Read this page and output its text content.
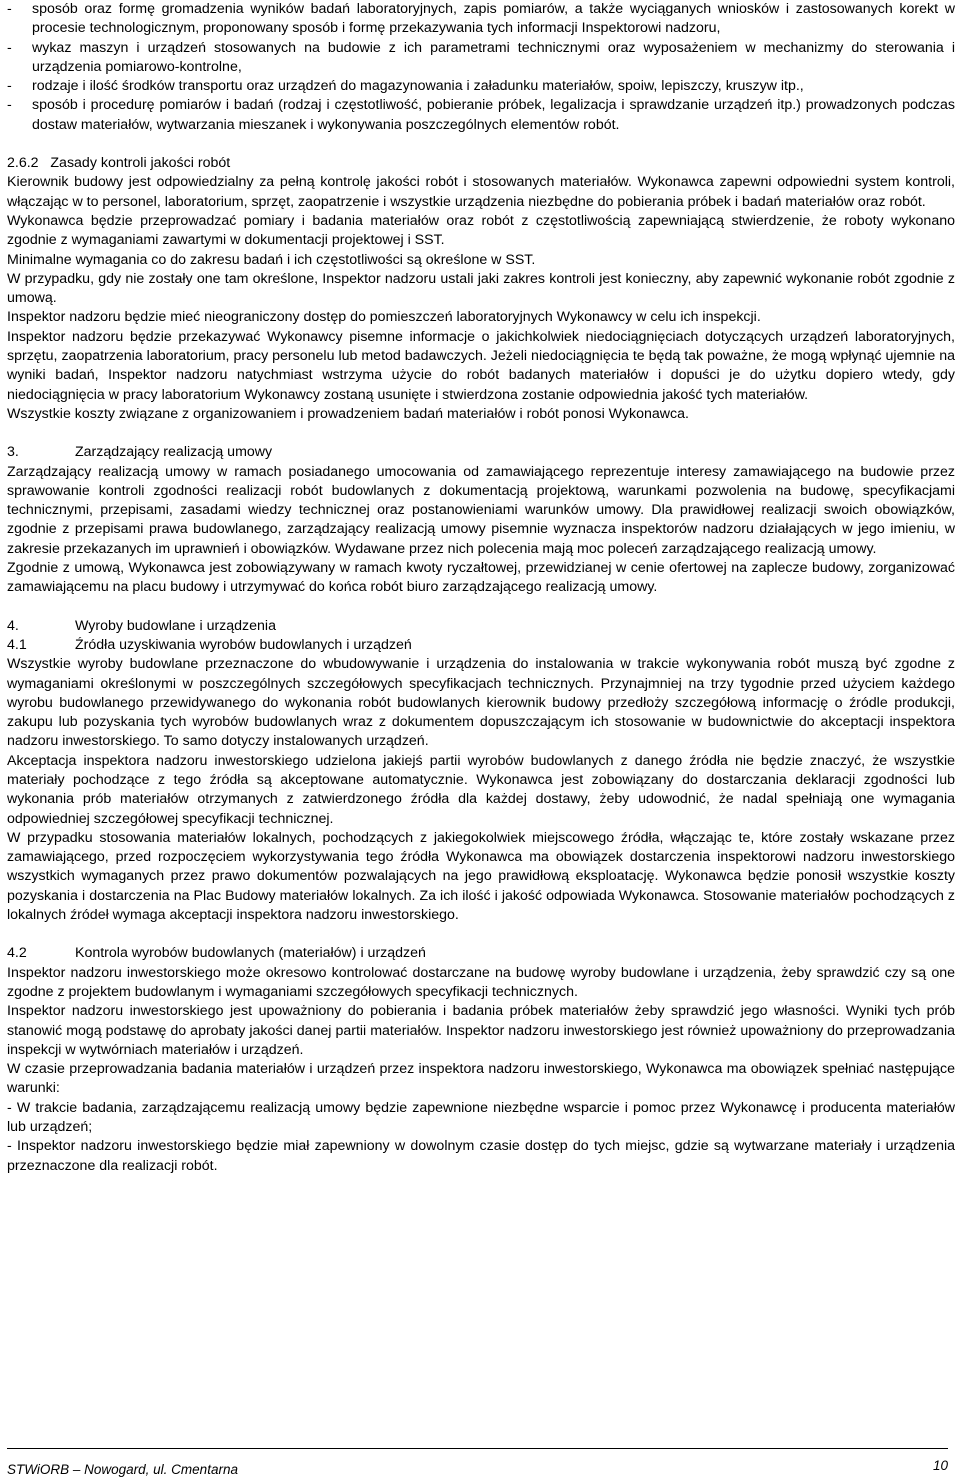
-	sposób oraz formę gromadzenia wyników badań laboratoryjnych, zapis pomiarów, a także wyciąganych wniosków i zastosowanych korekt w procesie technologicznym, proponowany sposób i formę przekazywania tych informacji Inspektorowi nadzoru,
-	wykaz maszyn i urządzeń stosowanych na budowie z ich parametrami technicznymi oraz wyposażeniem w mechanizmy do sterowania i urządzenia pomiarowo-kontrolne,
-	rodzaje i ilość środków transportu oraz urządzeń do magazynowania i załadunku materiałów, spoiw, lepiszczy, kruszyw itp.,
-	sposób i procedurę pomiarów i badań (rodzaj i częstotliwość, pobieranie próbek, legalizacja i sprawdzanie urządzeń itp.) prowadzonych podczas dostaw materiałów, wytwarzania mieszanek i wykonywania poszczególnych elementów robót.
2.6.2 Zasady kontroli jakości robót

Kierownik budowy jest odpowiedzialny za pełną kontrolę jakości robót i stosowanych materiałów. Wykonawca zapewni odpowiedni system kontroli, włączając w to personel, laboratorium, sprzęt, zaopatrzenie i wszystkie urządzenia niezbędne do pobierania próbek i badań materiałów oraz robót.

Wykonawca będzie przeprowadzać pomiary i badania materiałów oraz robót z częstotliwością zapewniającą stwierdzenie, że roboty wykonano zgodnie z wymaganiami zawartymi w dokumentacji projektowej i SST.

Minimalne wymagania co do zakresu badań i ich częstotliwości są określone w SST.

W przypadku, gdy nie zostały one tam określone, Inspektor nadzoru ustali jaki zakres kontroli jest konieczny, aby zapewnić wykonanie robót zgodnie z umową.

Inspektor nadzoru będzie mieć nieograniczony dostęp do pomieszczeń laboratoryjnych Wykonawcy w celu ich inspekcji.

Inspektor nadzoru będzie przekazywać Wykonawcy pisemne informacje o jakichkolwiek niedociągnięciach dotyczących urządzeń laboratoryjnych, sprzętu, zaopatrzenia laboratorium, pracy personelu lub metod badawczych. Jeżeli niedociągnięcia te będą tak poważne, że mogą wpłynąć ujemnie na wyniki badań, Inspektor nadzoru natychmiast wstrzyma użycie do robót badanych materiałów i dopuści je do użytku dopiero wtedy, gdy niedociągnięcia w pracy laboratorium Wykonawcy zostaną usunięte i stwierdzona zostanie odpowiednia jakość tych materiałów.

Wszystkie koszty związane z organizowaniem i prowadzeniem badań materiałów i robót ponosi Wykonawca.

3.	Zarządzający realizacją umowy

Zarządzający realizacją umowy w ramach posiadanego umocowania od zamawiającego reprezentuje interesy zamawiającego na budowie przez sprawowanie kontroli zgodności realizacji robót budowlanych z dokumentacją projektową, warunkami pozwolenia na budowę, specyfikacjami technicznymi, przepisami, zasadami wiedzy technicznej oraz postanowieniami warunków umowy. Dla prawidłowej realizacji swoich obowiązków, zgodnie z przepisami prawa budowlanego, zarządzający realizacją umowy pisemnie wyznacza inspektorów nadzoru działających w jego imieniu, w zakresie przekazanych im uprawnień i obowiązków. Wydawane przez nich polecenia mają moc poleceń zarządzającego realizacją umowy.

Zgodnie z umową, Wykonawca jest zobowiązywany w ramach kwoty ryczałtowej, przewidzianej w cenie ofertowej na zaplecze budowy, zorganizować zamawiającemu na placu budowy i utrzymywać do końca robót biuro zarządzającego realizacją umowy.

4.	Wyroby budowlane i urządzenia
4.1	Źródła uzyskiwania wyrobów budowlanych i urządzeń

Wszystkie wyroby budowlane przeznaczone do wbudowywanie i urządzenia do instalowania w trakcie wykonywania robót muszą być zgodne z wymaganiami określonymi w poszczególnych szczegółowych specyfikacjach technicznych. Przynajmniej na trzy tygodnie przed użyciem każdego wyrobu budowlanego przewidywanego do wykonania robót budowlanych kierownik budowy przedłoży szczegółową informację o źródle produkcji, zakupu lub pozyskania tych wyrobów budowlanych wraz z dokumentem dopuszczającym ich stosowanie w budownictwie do akceptacji inspektora nadzoru inwestorskiego. To samo dotyczy instalowanych urządzeń.

Akceptacja inspektora nadzoru inwestorskiego udzielona jakiejś partii wyrobów budowlanych z danego źródła nie będzie znaczyć, że wszystkie materiały pochodzące z tego źródła są akceptowane automatycznie. Wykonawca jest zobowiązany do dostarczania deklaracji zgodności lub wykonania prób materiałów otrzymanych z zatwierdzonego źródła dla każdej dostawy, żeby udowodnić, że nadal spełniają one wymagania odpowiedniej szczegółowej specyfikacji technicznej.

W przypadku stosowania materiałów lokalnych, pochodzących z jakiegokolwiek miejscowego źródła, włączając te, które zostały wskazane przez zamawiającego, przed rozpoczęciem wykorzystywania tego źródła Wykonawca ma obowiązek dostarczenia inspektorowi nadzoru inwestorskiego wszystkich wymaganych przez prawo dokumentów pozwalających na jego prawidłową eksploatację. Wykonawca będzie ponosił wszystkie koszty pozyskania i dostarczenia na Plac Budowy materiałów lokalnych. Za ich ilość i jakość odpowiada Wykonawca. Stosowanie materiałów pochodzących z lokalnych źródeł wymaga akceptacji inspektora nadzoru inwestorskiego.

4.2	Kontrola wyrobów budowlanych (materiałów) i urządzeń

Inspektor nadzoru inwestorskiego może okresowo kontrolować dostarczane na budowę wyroby budowlane i urządzenia, żeby sprawdzić czy są one zgodne z projektem budowlanym i wymaganiami szczegółowych specyfikacji technicznych.

Inspektor nadzoru inwestorskiego jest upoważniony do pobierania i badania próbek materiałów żeby sprawdzić jego własności. Wyniki tych prób stanowić mogą podstawę do aprobaty jakości danej partii materiałów. Inspektor nadzoru inwestorskiego jest również upoważniony do przeprowadzania inspekcji w wytwórniach materiałów i urządzeń.

W czasie przeprowadzania badania materiałów i urządzeń przez inspektora nadzoru inwestorskiego, Wykonawca ma obowiązek spełniać następujące warunki:

- W trakcie badania, zarządzającemu realizacją umowy będzie zapewnione niezbędne wsparcie i pomoc przez Wykonawcę i producenta materiałów lub urządzeń;

- Inspektor nadzoru inwestorskiego będzie miał zapewniony w dowolnym czasie dostęp do tych miejsc, gdzie są wytwarzane materiały i urządzenia przeznaczone dla realizacji robót.

STWiORB – Nowogard, ul. Cmentarna	10
